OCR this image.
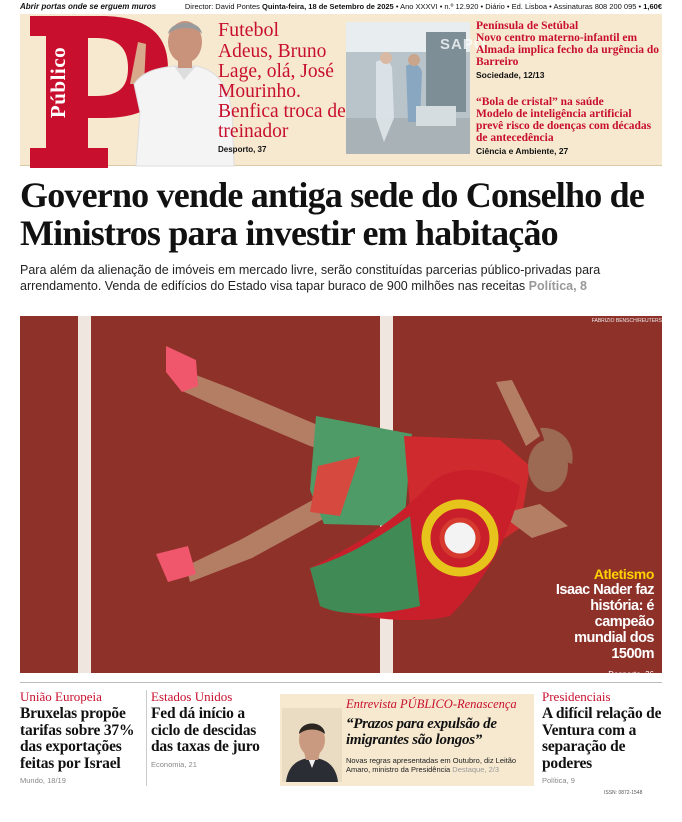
Abrir portas onde se erguem muros	Director: David Pontes Quinta-feira, 18 de Setembro de 2025 • Ano XXXVI • n.º 12.920 • Diário • Ed. Lisboa • Assinaturas 808 200 095 • 1,60€
Público
Futebol
Adeus, Bruno Lage, olá, José Mourinho. Benfica troca de treinador
Desporto, 37
SAPO
Península de Setúbal
Novo centro materno-infantil em Almada implica fecho da urgência do Barreiro
Sociedade, 12/13
“Bola de cristal” na saúde
Modelo de inteligência artificial prevê risco de doenças com décadas de antecedência
Ciência e Ambiente, 27
Governo vende antiga sede do Conselho de Ministros para investir em habitação

Para além da alienação de imóveis em mercado livre, serão constituídas parcerias público-privadas para arrendamento. Venda de edifícios do Estado visa tapar buraco de 900 milhões nas receitas Política, 8

FABRIZIO BENSCH/REUTERS
Atletismo
Isaac Nader faz história: é campeão mundial dos 1500m
Desporto, 36
União Europeia
Bruxelas propõe tarifas sobre 37% das exportações feitas por Israel
Mundo, 18/19
Estados Unidos
Fed dá início a ciclo de descidas das taxas de juro
Economia, 21
Entrevista PÚBLICO-Renascença
“Prazos para expulsão de imigrantes são longos”
Novas regras apresentadas em Outubro, diz Leitão Amaro, ministro da Presidência Destaque, 2/3
Presidenciais
A difícil relação de Ventura com a separação de poderes
Política, 9
ISSN: 0872-1548
